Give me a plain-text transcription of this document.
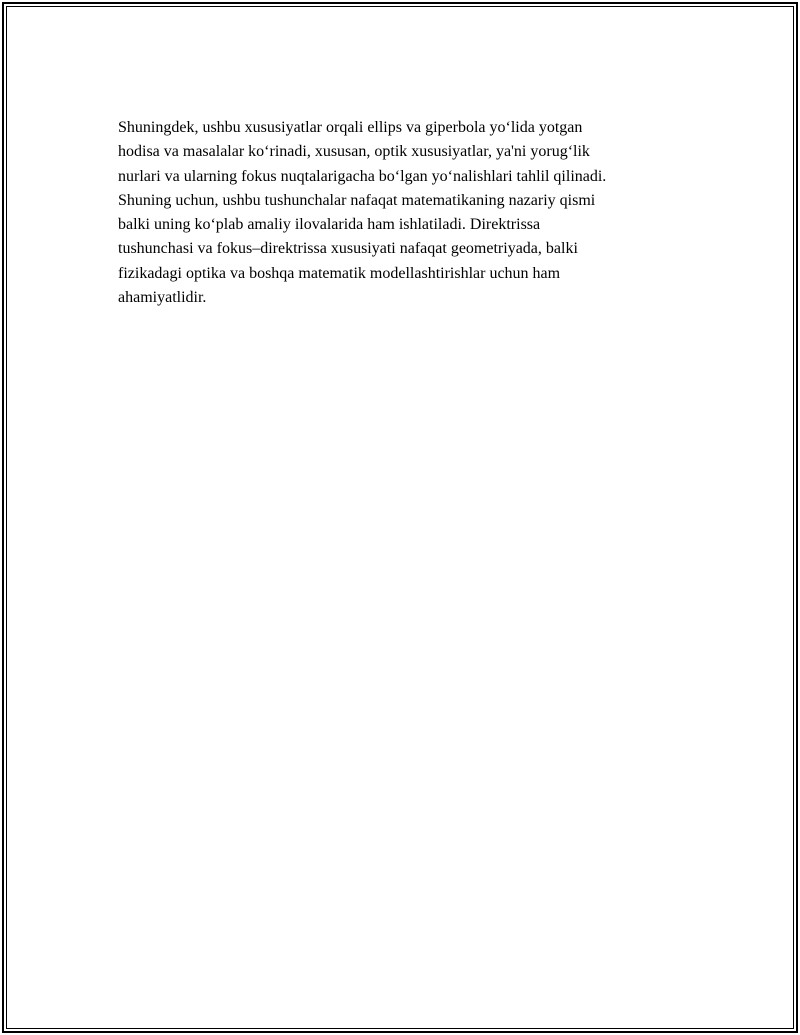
Shuningdek, ushbu xususiyatlar orqali ellips va giperbola yo‘lida yotgan
hodisa va masalalar ko‘rinadi, xususan, optik xususiyatlar, ya'ni yorug‘lik
nurlari va ularning fokus nuqtalarigacha bo‘lgan yo‘nalishlari tahlil qilinadi.
Shuning uchun, ushbu tushunchalar nafaqat matematikaning nazariy qismi
balki uning ko‘plab amaliy ilovalarida ham ishlatiladi. Direktrissa
tushunchasi va fokus–direktrissa xususiyati nafaqat geometriyada, balki
fizikadagi optika va boshqa matematik modellashtirishlar uchun ham
ahamiyatlidir.
